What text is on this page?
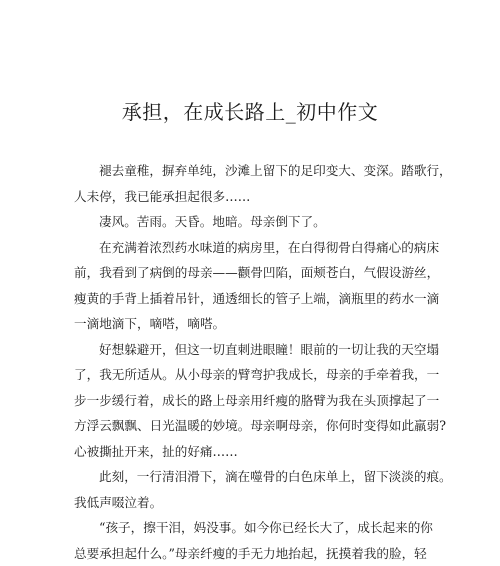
承担，在成长路上_初中作文
褪去童稚，摒弃单纯，沙滩上留下的足印变大、变深。踏歌行，
人未停，我已能承担起很多……
凄风。苦雨。天昏。地暗。母亲倒下了。
在充满着浓烈药水味道的病房里，在白得彻骨白得痛心的病床
前，我看到了病倒的母亲——颧骨凹陷，面颊苍白，气假设游丝，
瘦黄的手背上插着吊针，通透细长的管子上端，滴瓶里的药水一滴
一滴地滴下，嘀嗒，嘀嗒。
好想躲避开，但这一切直刺进眼瞳！眼前的一切让我的天空塌
了，我无所适从。从小母亲的臂弯护我成长，母亲的手牵着我，一
步一步缓行着，成长的路上母亲用纤瘦的胳臂为我在头顶撑起了一
方浮云飘飘、日光温暖的妙境。母亲啊母亲，你何时变得如此羸弱?
心被撕扯开来，扯的好痛……
此刻，一行清泪滑下，滴在噬骨的白色床单上，留下淡淡的痕。
我低声啜泣着。
“孩子，擦干泪，妈没事。如今你已经长大了，成长起来的你
总要承担起什么。”母亲纤瘦的手无力地抬起，抚摸着我的脸，轻
